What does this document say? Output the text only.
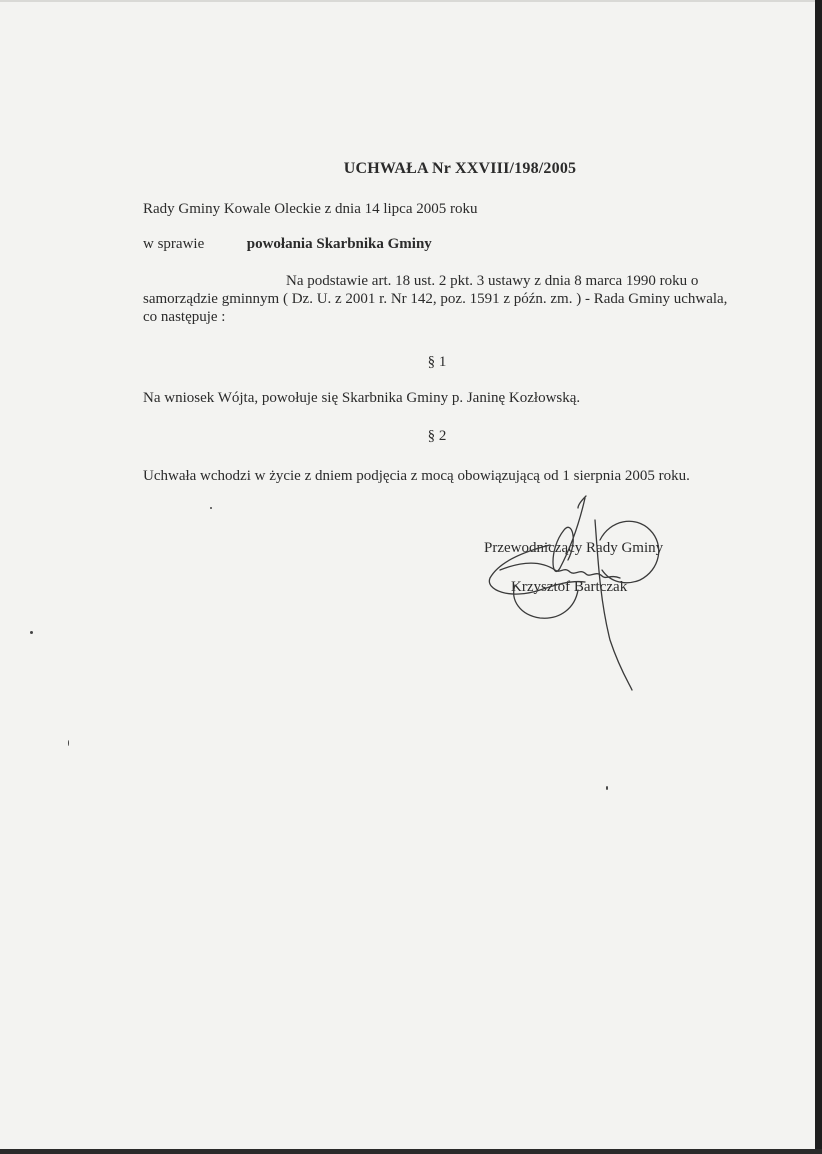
UCHWAŁA Nr XXVIII/198/2005
Rady Gminy Kowale Oleckie z dnia 14 lipca 2005 roku
w sprawie	powołania Skarbnika Gminy
Na podstawie art. 18 ust. 2 pkt. 3 ustawy z dnia 8 marca 1990 roku o samorządzie gminnym ( Dz. U. z 2001 r. Nr 142, poz. 1591 z późn. zm. ) - Rada Gminy uchwala, co następuje :
§ 1
Na wniosek Wójta, powołuje się Skarbnika Gminy p. Janinę Kozłowską.
§ 2
Uchwała wchodzi w życie z dniem podjęcia z mocą obowiązującą od 1 sierpnia 2005 roku.
Przewodniczący Rady Gminy
Krzysztof Bartczak
